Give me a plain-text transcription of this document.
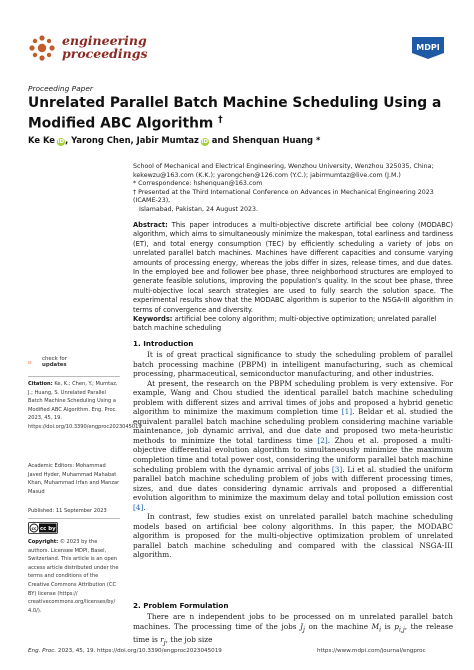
engineering
proceedings	MDPI
Proceeding Paper
Unrelated Parallel Batch Machine Scheduling Using a Modified ABC Algorithm †
Ke Ke iD, Yarong Chen, Jabir Mumtaz iD and Shenquan Huang *

School of Mechanical and Electrical Engineering, Wenzhou University, Wenzhou 325035, China;

kekewzu@163.com (K.K.); yarongchen@126.com (Y.C.); jabirmumtaz@live.com (J.M.)

* Correspondence: hshenquan@163.com

† Presented at the Third International Conference on Advances in Mechanical Engineering 2023 (ICAME-23),

Islamabad, Pakistan, 24 August 2023.

Abstract: This paper introduces a multi-objective discrete artificial bee colony (MODABC) algorithm, which aims to simultaneously minimize the makespan, total earliness and tardiness (ET), and total energy consumption (TEC) by efficiently scheduling a variety of jobs on unrelated parallel batch machines. Machines have different capacities and consume varying amounts of processing energy, whereas the jobs differ in sizes, release times, and due dates. In the employed bee and follower bee phase, three neighborhood structures are employed to generate feasible solutions, improving the population’s quality. In the scout bee phase, three multi-objective local search strategies are used to fully search the solution space. The experimental results show that the MODABC algorithm is superior to the NSGA-III algorithm in terms of convergence and diversity.
Keywords: artificial bee colony algorithm; multi-objective optimization; unrelated parallel batch machine scheduling
check for
updates
Citation: Ke, K.; Chen, Y.; Mumtaz, J.; Huang, S. Unrelated Parallel Batch Machine Scheduling Using a Modified ABC Algorithm. Eng. Proc. 2023, 45, 19. https://doi.org/10.3390/engproc2023045019
Academic Editors: Mohammad Javed Hyder, Muhammad Mahabat Khan, Muhammad Irfan and Manzar Masud
Published: 11 September 2023
cc cc by
Copyright: © 2023 by the authors. Licensee MDPI, Basel, Switzerland. This article is an open access article distributed under the terms and conditions of the Creative Commons Attribution (CC BY) license (https:// creativecommons.org/licenses/by/ 4.0/).
1. Introduction

It is of great practical significance to study the scheduling problem of parallel batch processing machine (PBPM) in intelligent manufacturing, such as chemical processing, pharmaceutical, semiconductor manufacturing, and other industries.

At present, the research on the PBPM scheduling problem is very extensive. For example, Wang and Chou studied the identical parallel batch machine scheduling problem with different sizes and arrival times of jobs and proposed a hybrid genetic algorithm to minimize the maximum completion time [1]. Beldar et al. studied the equivalent parallel batch machine scheduling problem considering machine variable maintenance, job dynamic arrival, and due date and proposed two meta-heuristic methods to minimize the total tardiness time [2]. Zhou et al. proposed a multi-objective differential evolution algorithm to simultaneously minimize the maximum completion time and total power cost, considering the uniform parallel batch machine scheduling problem with the dynamic arrival of jobs [3]. Li et al. studied the uniform parallel batch machine scheduling problem of jobs with different processing times, sizes, and due dates considering dynamic arrivals and proposed a differential evolution algorithm to minimize the maximum delay and total pollution emission cost [4].

In contrast, few studies exist on unrelated parallel batch machine scheduling models based on artificial bee colony algorithms. In this paper, the MODABC algorithm is proposed for the multi-objective optimization problem of unrelated parallel batch machine scheduling and compared with the classical NSGA-III algorithm.

2. Problem Formulation

There are n independent jobs to be processed on m unrelated parallel batch machines. The processing time of the jobs $J_j$ on the machine $M_i$ is $p_{i,j}$, the release time is $r_j$, the job size

Eng. Proc. 2023, 45, 19. https://doi.org/10.3390/engproc2023045019	https://www.mdpi.com/journal/engproc
